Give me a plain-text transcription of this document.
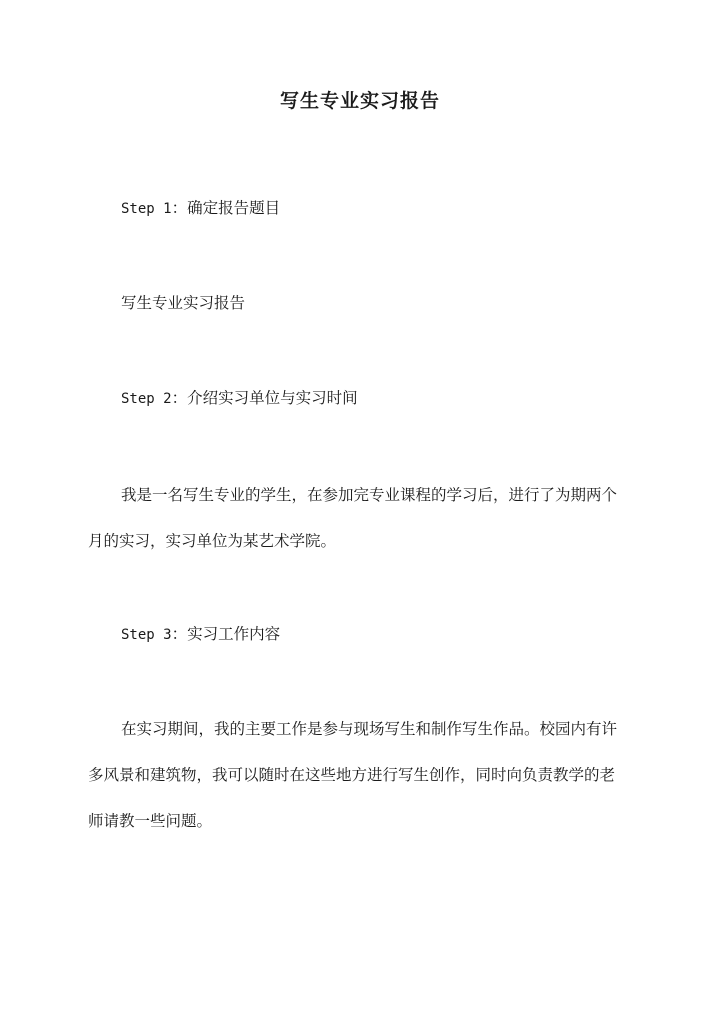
写生专业实习报告

Step 1：确定报告题目

写生专业实习报告

Step 2：介绍实习单位与实习时间

我是一名写生专业的学生，在参加完专业课程的学习后，进行了为期两个月的实习，实习单位为某艺术学院。

Step 3：实习工作内容

在实习期间，我的主要工作是参与现场写生和制作写生作品。校园内有许多风景和建筑物，我可以随时在这些地方进行写生创作，同时向负责教学的老师请教一些问题。
